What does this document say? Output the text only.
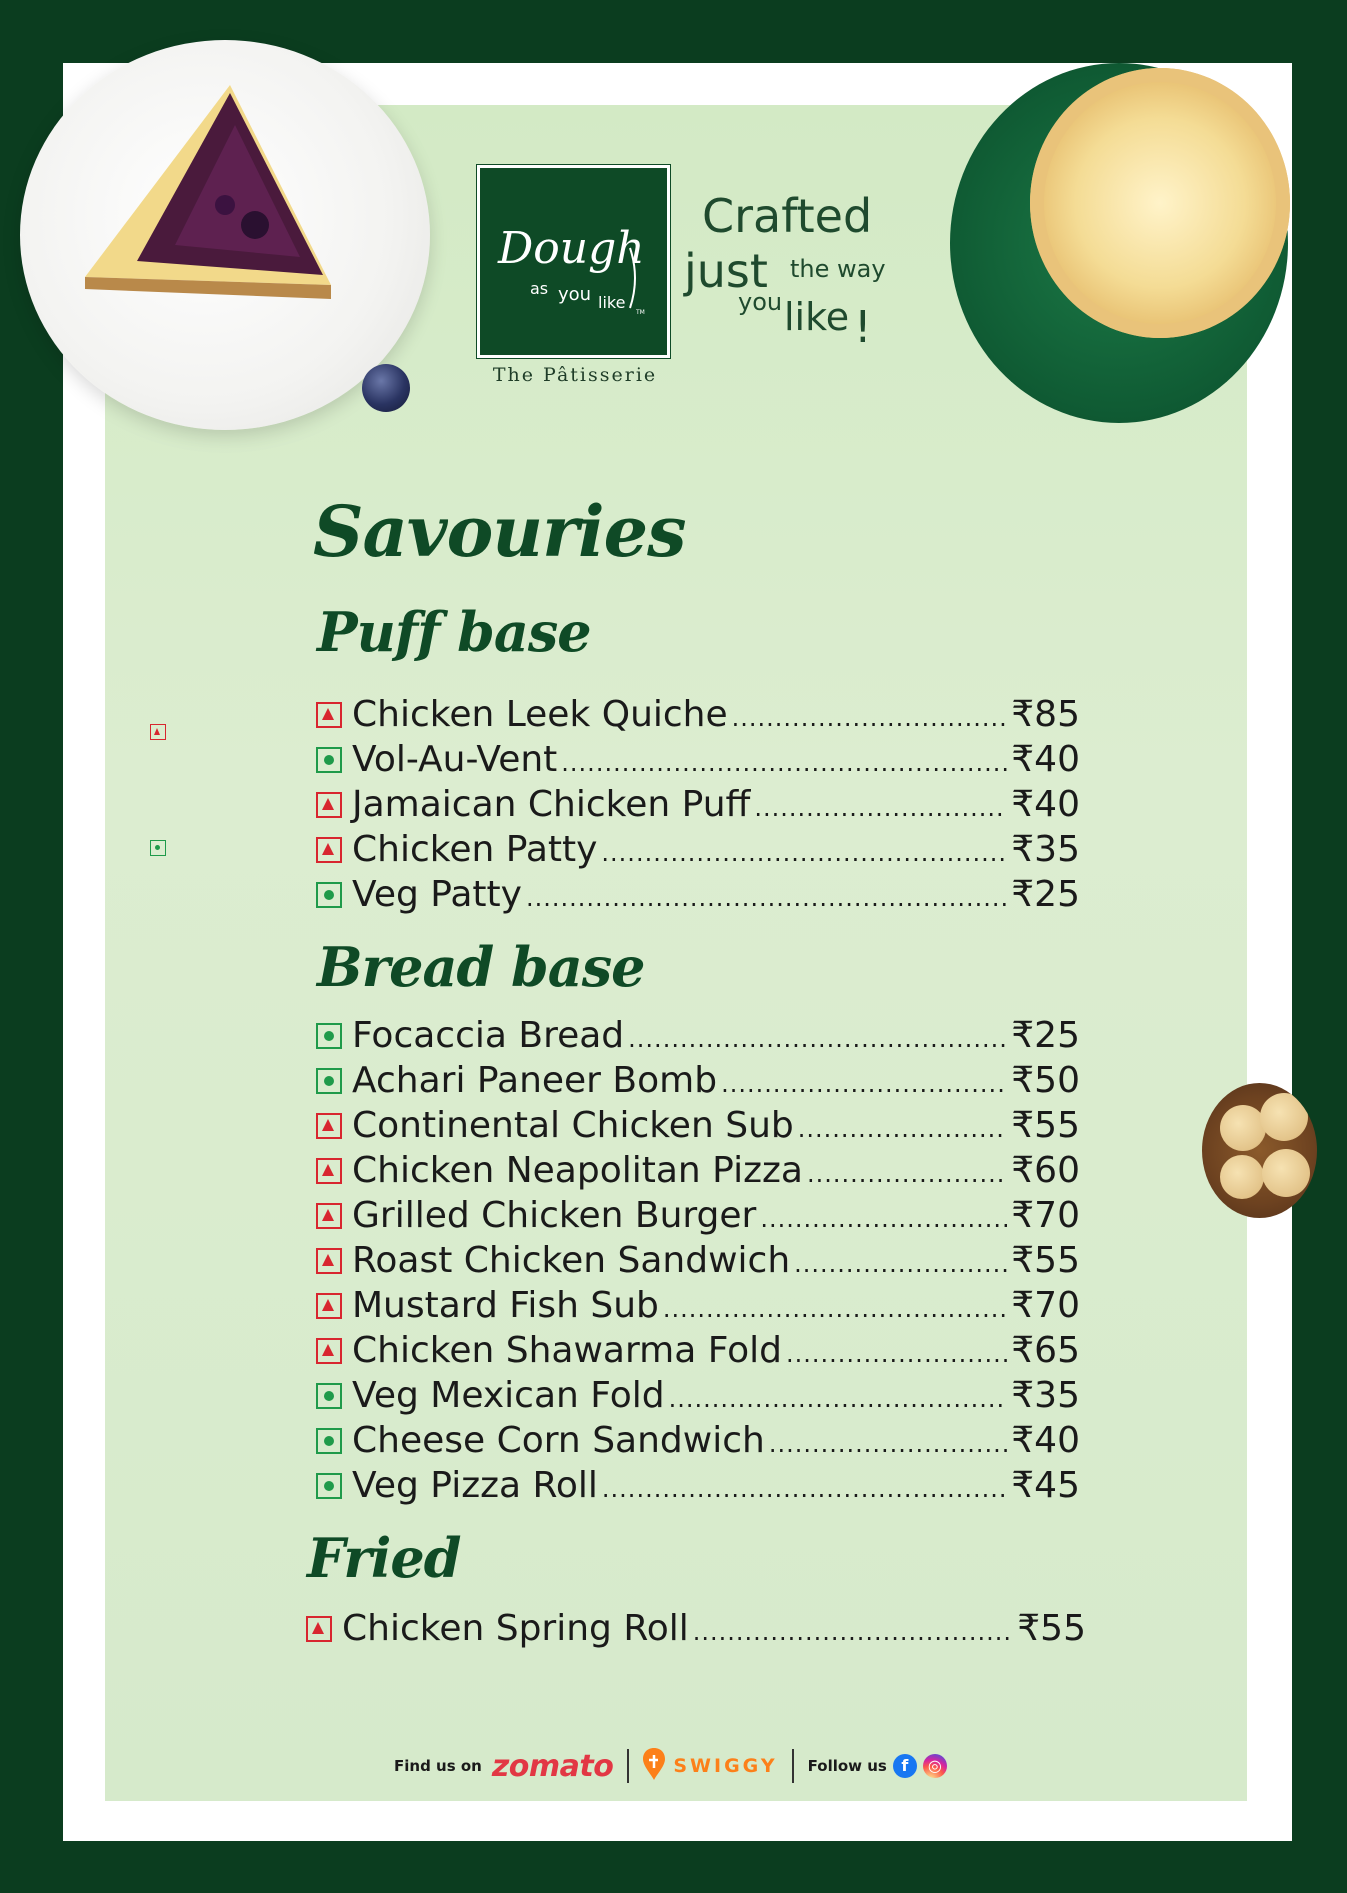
Dough
as you like
TM
The Pâtisserie
Crafted
just the way
you like !
Savouries
Puff base
Chicken Leek Quiche .....	₹85
Vol-Au-Vent .....	₹40
Jamaican Chicken Puff .....	₹40
Chicken Patty .....	₹35
Veg Patty .....	₹25
Bread base
Focaccia Bread .....	₹25
Achari Paneer Bomb .....	₹50
Continental Chicken Sub .....	₹55
Chicken Neapolitan Pizza .....	₹60
Grilled Chicken Burger .....	₹70
Roast Chicken Sandwich .....	₹55
Mustard Fish Sub .....	₹70
Chicken Shawarma Fold .....	₹65
Veg Mexican Fold .....	₹35
Cheese Corn Sandwich .....	₹40
Veg Pizza Roll .....	₹45
Fried
Chicken Spring Roll .....	₹55
Find us on zomato	SWIGGY Follow us f	◎
